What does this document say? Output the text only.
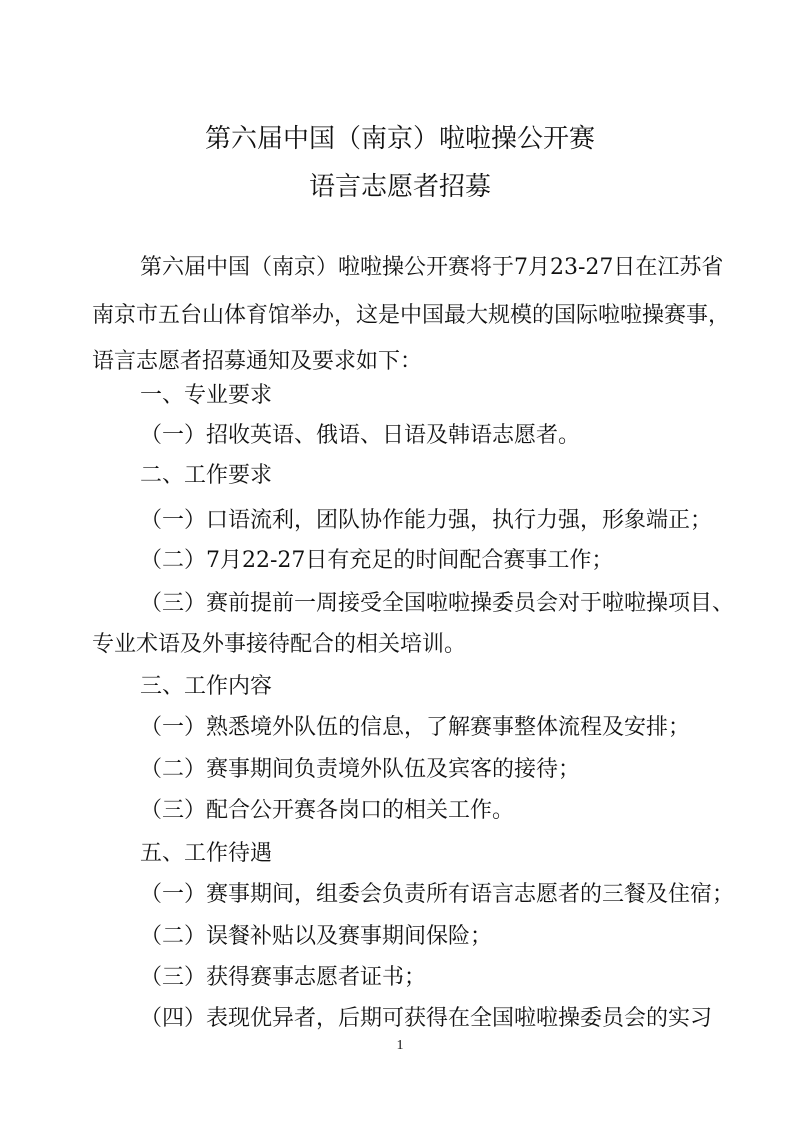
第六届中国（南京）啦啦操公开赛
语言志愿者招募
第六届中国（南京）啦啦操公开赛将于7月23-27日在江苏省
南京市五台山体育馆举办，这是中国最大规模的国际啦啦操赛事，
语言志愿者招募通知及要求如下：
一、专业要求
（一）招收英语、俄语、日语及韩语志愿者。
二、工作要求
（一）口语流利，团队协作能力强，执行力强，形象端正；
（二）7月22-27日有充足的时间配合赛事工作；
（三）赛前提前一周接受全国啦啦操委员会对于啦啦操项目、
专业术语及外事接待配合的相关培训。
三、工作内容
（一）熟悉境外队伍的信息，了解赛事整体流程及安排；
（二）赛事期间负责境外队伍及宾客的接待；
（三）配合公开赛各岗口的相关工作。
五、工作待遇
（一）赛事期间，组委会负责所有语言志愿者的三餐及住宿；
（二）误餐补贴以及赛事期间保险；
（三）获得赛事志愿者证书；
（四）表现优异者，后期可获得在全国啦啦操委员会的实习
1
